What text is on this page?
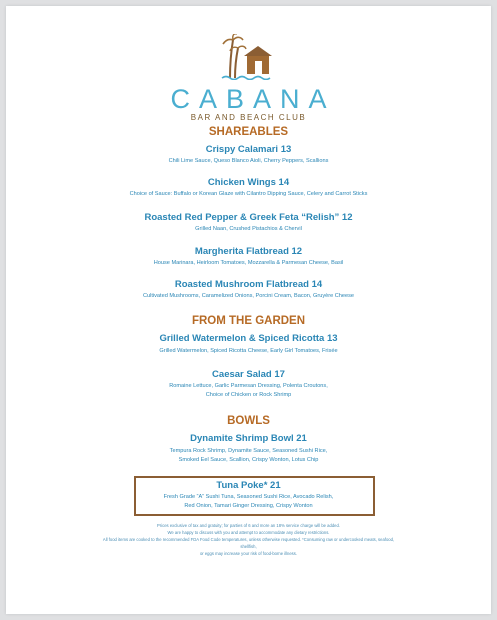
CABANA
BAR AND BEACH CLUB
SHAREABLES
Crispy Calamari 13
Chili Lime Sauce, Queso Blanco Aioli, Cherry Peppers, Scallions
Chicken Wings 14
Choice of Sauce: Buffalo or Korean Glaze with Cilantro Dipping Sauce, Celery and Carrot Sticks
Roasted Red Pepper & Greek Feta “Relish” 12
Grilled Naan, Crushed Pistachios & Chervil
Margherita Flatbread 12
House Marinara, Heirloom Tomatoes, Mozzarella & Parmesan Cheese, Basil
Roasted Mushroom Flatbread 14
Cultivated Mushrooms, Caramelized Onions, Porcini Cream, Bacon, Gruyère Cheese
FROM THE GARDEN
Grilled Watermelon & Spiced Ricotta 13
Grilled Watermelon, Spiced Ricotta Cheese, Early Girl Tomatoes, Frisée
Caesar Salad 17
Romaine Lettuce, Garlic Parmesan Dressing, Polenta Croutons,
Choice of Chicken or Rock Shrimp
BOWLS
Dynamite Shrimp Bowl 21
Tempura Rock Shrimp, Dynamite Sauce, Seasoned Sushi Rice,
Smoked Eel Sauce, Scallion, Crispy Wonton, Lotus Chip
Tuna Poke* 21
Fresh Grade “A” Sushi Tuna, Seasoned Sushi Rice, Avocado Relish,
Red Onion, Tamari Ginger Dressing, Crispy Wonton
Prices exclusive of tax and gratuity; for parties of 6 and more an 18% service charge will be added.
We are happy to discuss with you and attempt to accommodate any dietary restrictions.
All food items are cooked to the recommended FDA Food Code temperatures, unless otherwise requested. *Consuming raw or undercooked meats, seafood,
shellfish,
or eggs may increase your risk of food-borne illness.
